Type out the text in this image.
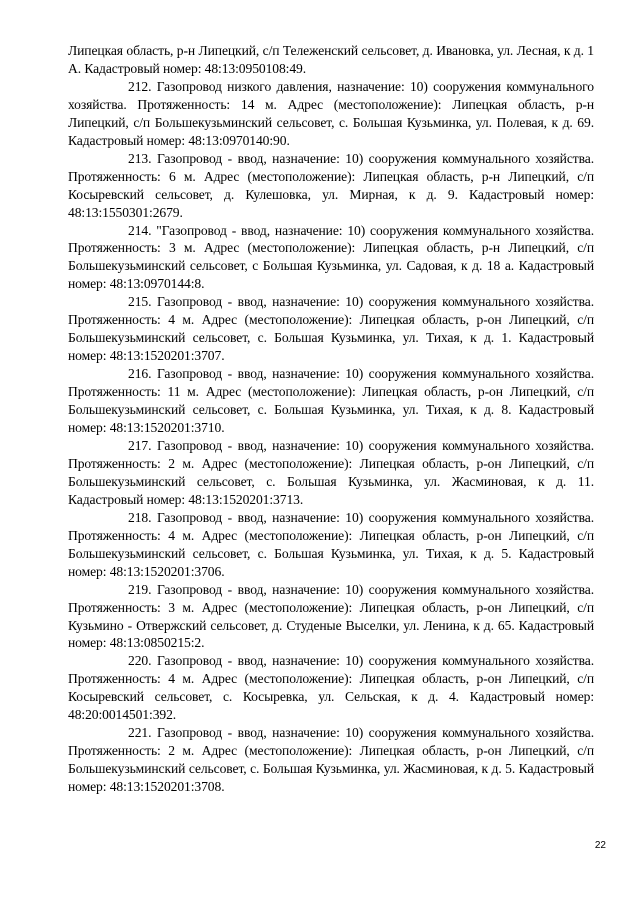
Липецкая область, р-н Липецкий, с/п Тележенский сельсовет, д. Ивановка, ул. Лесная, к д. 1 А. Кадастровый номер: 48:13:0950108:49.

212. Газопровод низкого давления, назначение: 10) сооружения коммунального хозяйства. Протяженность: 14 м. Адрес (местоположение): Липецкая область, р-н Липецкий, с/п Большекузьминский сельсовет, с. Большая Кузьминка, ул. Полевая, к д. 69. Кадастровый номер: 48:13:0970140:90.

213. Газопровод - ввод, назначение: 10) сооружения коммунального хозяйства. Протяженность: 6 м. Адрес (местоположение): Липецкая область, р-н Липецкий, с/п Косыревский сельсовет, д. Кулешовка, ул. Мирная, к д. 9. Кадастровый номер: 48:13:1550301:2679.

214. "Газопровод - ввод, назначение: 10) сооружения коммунального хозяйства. Протяженность: 3 м. Адрес (местоположение): Липецкая область, р-н Липецкий, с/п Большекузьминский сельсовет, с Большая Кузьминка, ул. Садовая, к д. 18 а. Кадастровый номер: 48:13:0970144:8.

215. Газопровод - ввод, назначение: 10) сооружения коммунального хозяйства. Протяженность: 4 м. Адрес (местоположение): Липецкая область, р-он Липецкий, с/п Большекузьминский сельсовет, с. Большая Кузьминка, ул. Тихая, к д. 1. Кадастровый номер: 48:13:1520201:3707.

216. Газопровод - ввод, назначение: 10) сооружения коммунального хозяйства. Протяженность: 11 м. Адрес (местоположение): Липецкая область, р-он Липецкий, с/п Большекузьминский сельсовет, с. Большая Кузьминка, ул. Тихая, к д. 8. Кадастровый номер: 48:13:1520201:3710.

217. Газопровод - ввод, назначение: 10) сооружения коммунального хозяйства. Протяженность: 2 м. Адрес (местоположение): Липецкая область, р-он Липецкий, с/п Большекузьминский сельсовет, с. Большая Кузьминка, ул. Жасминовая, к д. 11. Кадастровый номер: 48:13:1520201:3713.

218. Газопровод - ввод, назначение: 10) сооружения коммунального хозяйства. Протяженность: 4 м. Адрес (местоположение): Липецкая область, р-он Липецкий, с/п Большекузьминский сельсовет, с. Большая Кузьминка, ул. Тихая, к д. 5. Кадастровый номер: 48:13:1520201:3706.

219. Газопровод - ввод, назначение: 10) сооружения коммунального хозяйства. Протяженность: 3 м. Адрес (местоположение): Липецкая область, р-он Липецкий, с/п Кузьмино - Отвержский сельсовет, д. Студеные Выселки, ул. Ленина, к д. 65. Кадастровый номер: 48:13:0850215:2.

220. Газопровод - ввод, назначение: 10) сооружения коммунального хозяйства. Протяженность: 4 м. Адрес (местоположение): Липецкая область, р-он Липецкий, с/п Косыревский сельсовет, с. Косыревка, ул. Сельская, к д. 4. Кадастровый номер: 48:20:0014501:392.

221. Газопровод - ввод, назначение: 10) сооружения коммунального хозяйства. Протяженность: 2 м. Адрес (местоположение): Липецкая область, р-он Липецкий, с/п Большекузьминский сельсовет, с. Большая Кузьминка, ул. Жасминовая, к д. 5. Кадастровый номер: 48:13:1520201:3708.

22
